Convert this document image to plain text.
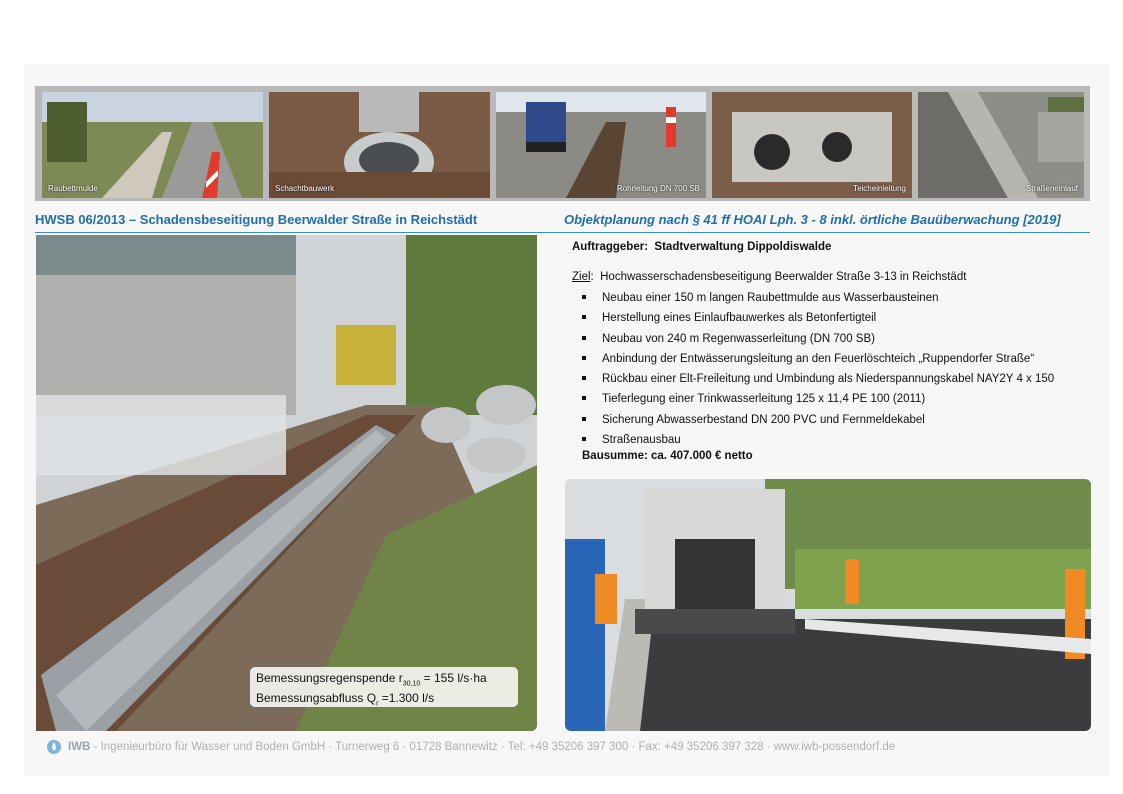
Raubettmulde	Schachtbauwerk	Rohrleitung DN 700 SB	Teicheinleitung	Straßeneinlauf
HWSB 06/2013 – Schadensbeseitigung Beerwalder Straße in Reichstädt	Objektplanung nach § 41 ff HOAI Lph. 3 - 8 inkl. örtliche Bauüberwachung [2019]
Bemessungsregenspende $r_{30,10} = 155$ l/s·ha
Bemessungsabfluss $Q_r =1.300$ l/s
Auftraggeber: Stadtverwaltung Dippoldiswalde
Ziel:  Hochwasserschadensbeseitigung Beerwalder Straße 3-13 in Reichstädt
Neubau einer 150 m langen Raubettmulde aus Wasserbausteinen
Herstellung eines Einlaufbauwerkes als Betonfertigteil
Neubau von 240 m Regenwasserleitung (DN 700 SB)
Anbindung der Entwässerungsleitung an den Feuerlöschteich „Ruppendorfer Straße“
Rückbau einer Elt-Freileitung und Umbindung als Niederspannungskabel NAY2Y 4 x 150
Tieferlegung einer Trinkwasserleitung 125 x 11,4 PE 100 (2011)
Sicherung Abwasserbestand DN 200 PVC und Fernmeldekabel
Straßenausbau
Bausumme: ca. 407.000 € netto
IWB - Ingenieurbüro für Wasser und Boden GmbH · Turnerweg 6 · 01728 Bannewitz · Tel: +49 35206 397 300 · Fax: +49 35206 397 328 · www.iwb-possendorf.de
